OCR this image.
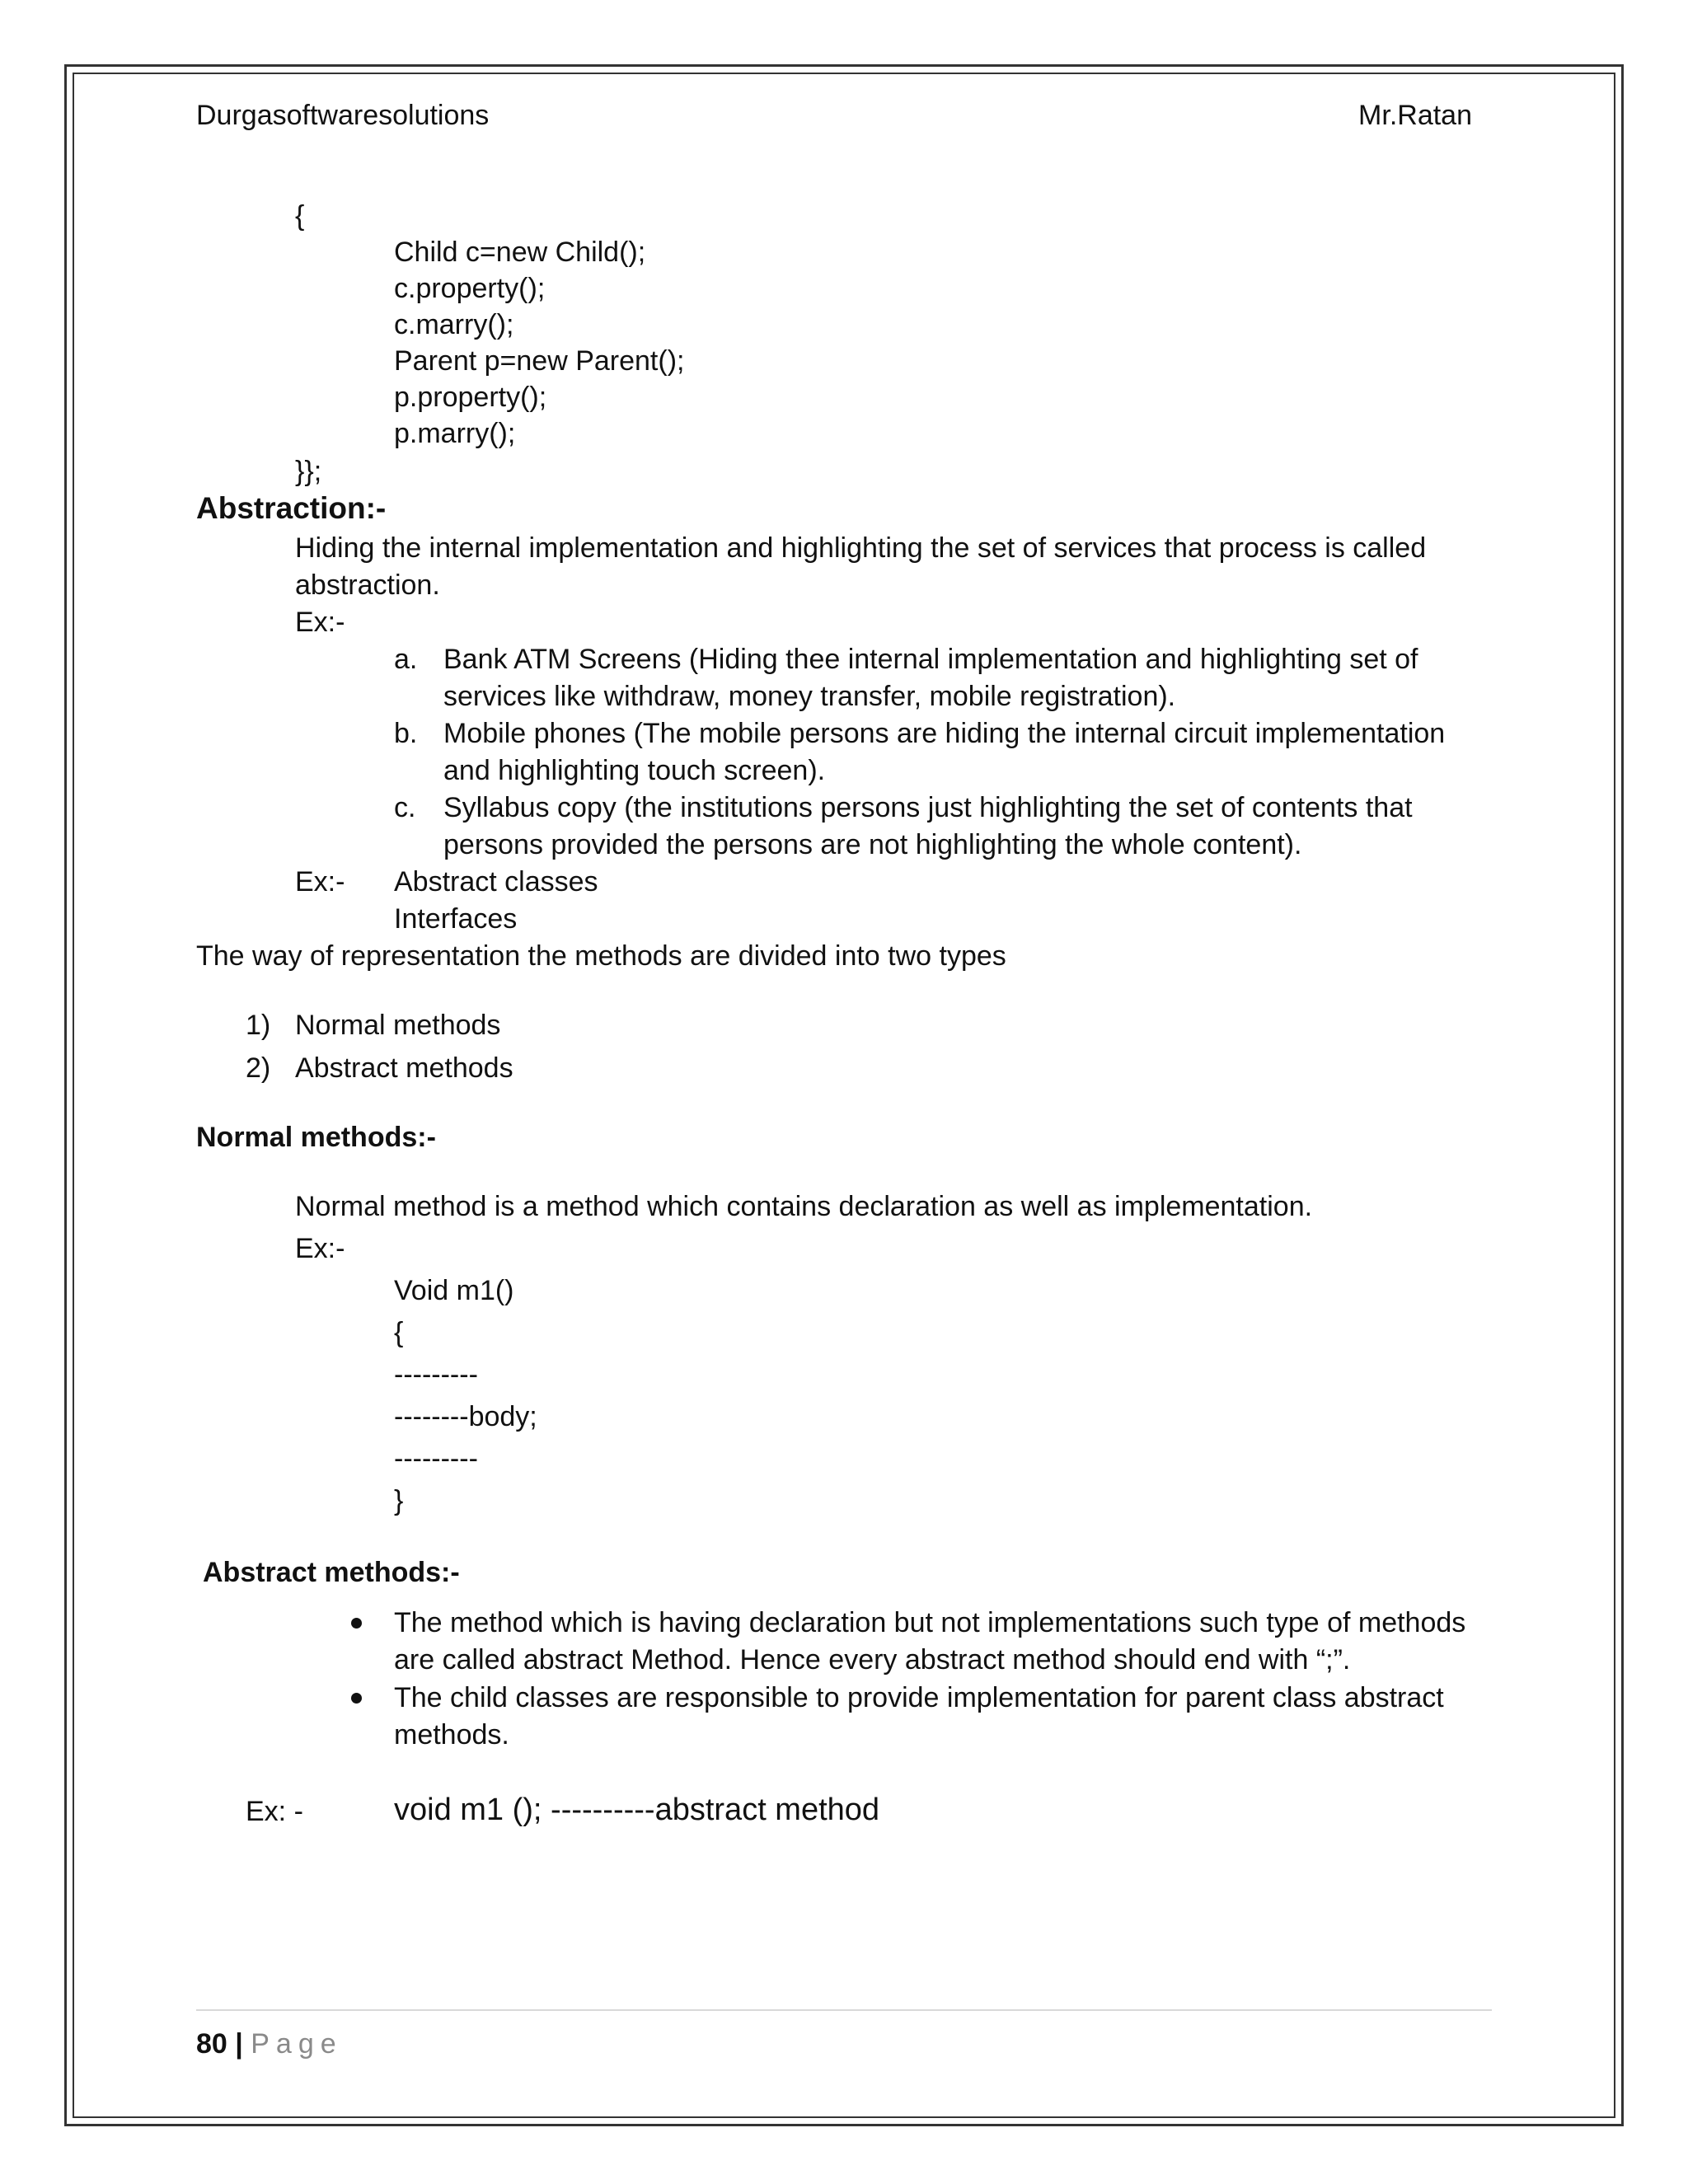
Durgasoftwaresolutions	Mr.Ratan
{
Child c=new Child();
c.property();
c.marry();
Parent p=new Parent();
p.property();
p.marry();
}};
Abstraction:-
Hiding the internal implementation and highlighting the set of services that process is called
abstraction.
Ex:-
a. Bank ATM Screens (Hiding thee internal implementation and highlighting set of
services like withdraw, money transfer, mobile registration).
b. Mobile phones (The mobile persons are hiding the internal circuit implementation
and highlighting touch screen).
c. Syllabus copy (the institutions persons just highlighting the set of contents that
persons provided the persons are not highlighting the whole content).
Ex:- Abstract classes
Interfaces
The way of representation the methods are divided into two types
1) Normal methods
2) Abstract methods
Normal methods:-
Normal method is a method which contains declaration as well as implementation.
Ex:-
Void m1()
{
---------
--------body;
---------
}
Abstract methods:-
The method which is having declaration but not implementations such type of methods
are called abstract Method. Hence every abstract method should end with “;”.
The child classes are responsible to provide implementation for parent class abstract
methods.
Ex: -	void m1 (); ----------abstract method
80 | Page
